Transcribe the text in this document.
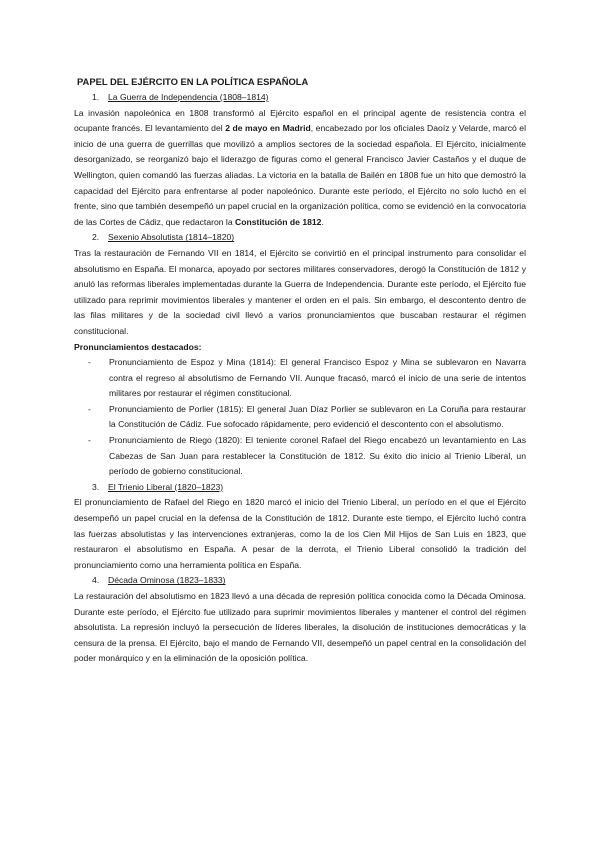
PAPEL DEL EJÉRCITO EN LA POLÍTICA ESPAÑOLA

1.	La Guerra de Independencia (1808–1814)

La invasión napoleónica en 1808 transformó al Ejército español en el principal agente de resistencia contra el ocupante francés. El levantamiento del 2 de mayo en Madrid, encabezado por los oficiales Daoíz y Velarde, marcó el inicio de una guerra de guerrillas que movilizó a amplios sectores de la sociedad española. El Ejército, inicialmente desorganizado, se reorganizó bajo el liderazgo de figuras como el general Francisco Javier Castaños y el duque de Wellington, quien comandó las fuerzas aliadas. La victoria en la batalla de Bailén en 1808 fue un hito que demostró la capacidad del Ejército para enfrentarse al poder napoleónico. Durante este período, el Ejército no solo luchó en el frente, sino que también desempeñó un papel crucial en la organización política, como se evidenció en la convocatoria de las Cortes de Cádiz, que redactaron la Constitución de 1812.

2.	Sexenio Absolutista (1814–1820)

Tras la restauración de Fernando VII en 1814, el Ejército se convirtió en el principal instrumento para consolidar el absolutismo en España. El monarca, apoyado por sectores militares conservadores, derogó la Constitución de 1812 y anuló las reformas liberales implementadas durante la Guerra de Independencia. Durante este período, el Ejército fue utilizado para reprimir movimientos liberales y mantener el orden en el país. Sin embargo, el descontento dentro de las filas militares y de la sociedad civil llevó a varios pronunciamientos que buscaban restaurar el régimen constitucional.

Pronunciamientos destacados:

- Pronunciamiento de Espoz y Mina (1814): El general Francisco Espoz y Mina se sublevaron en Navarra contra el regreso al absolutismo de Fernando VII. Aunque fracasó, marcó el inicio de una serie de intentos militares por restaurar el régimen constitucional.
- Pronunciamiento de Porlier (1815): El general Juan Díaz Porlier se sublevaron en La Coruña para restaurar la Constitución de Cádiz. Fue sofocado rápidamente, pero evidenció el descontento con el absolutismo.
- Pronunciamiento de Riego (1820): El teniente coronel Rafael del Riego encabezó un levantamiento en Las Cabezas de San Juan para restablecer la Constitución de 1812. Su éxito dio inicio al Trienio Liberal, un período de gobierno constitucional.
3.	El Trienio Liberal (1820–1823)

El pronunciamiento de Rafael del Riego en 1820 marcó el inicio del Trienio Liberal, un período en el que el Ejército desempeñó un papel crucial en la defensa de la Constitución de 1812. Durante este tiempo, el Ejército luchó contra las fuerzas absolutistas y las intervenciones extranjeras, como la de los Cien Mil Hijos de San Luis en 1823, que restauraron el absolutismo en España. A pesar de la derrota, el Trienio Liberal consolidó la tradición del pronunciamiento como una herramienta política en España.

4.	Década Ominosa (1823–1833)

La restauración del absolutismo en 1823 llevó a una década de represión política conocida como la Década Ominosa. Durante este período, el Ejército fue utilizado para suprimir movimientos liberales y mantener el control del régimen absolutista. La represión incluyó la persecución de líderes liberales, la disolución de instituciones democráticas y la censura de la prensa. El Ejército, bajo el mando de Fernando VII, desempeñó un papel central en la consolidación del poder monárquico y en la eliminación de la oposición política.
